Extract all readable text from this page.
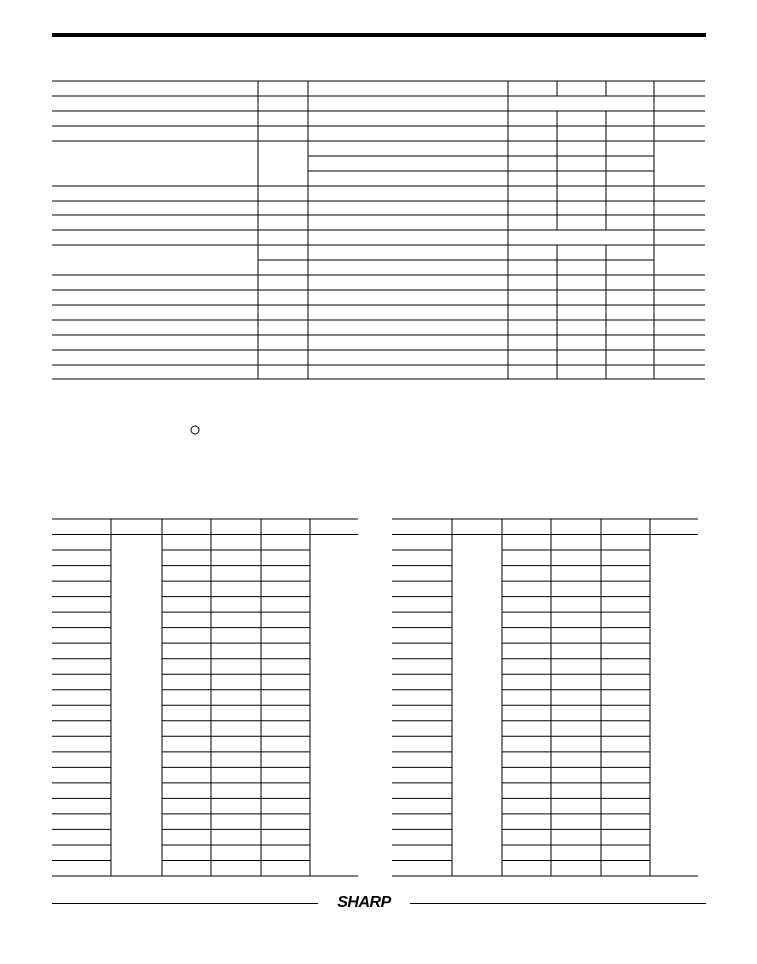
SHARP
